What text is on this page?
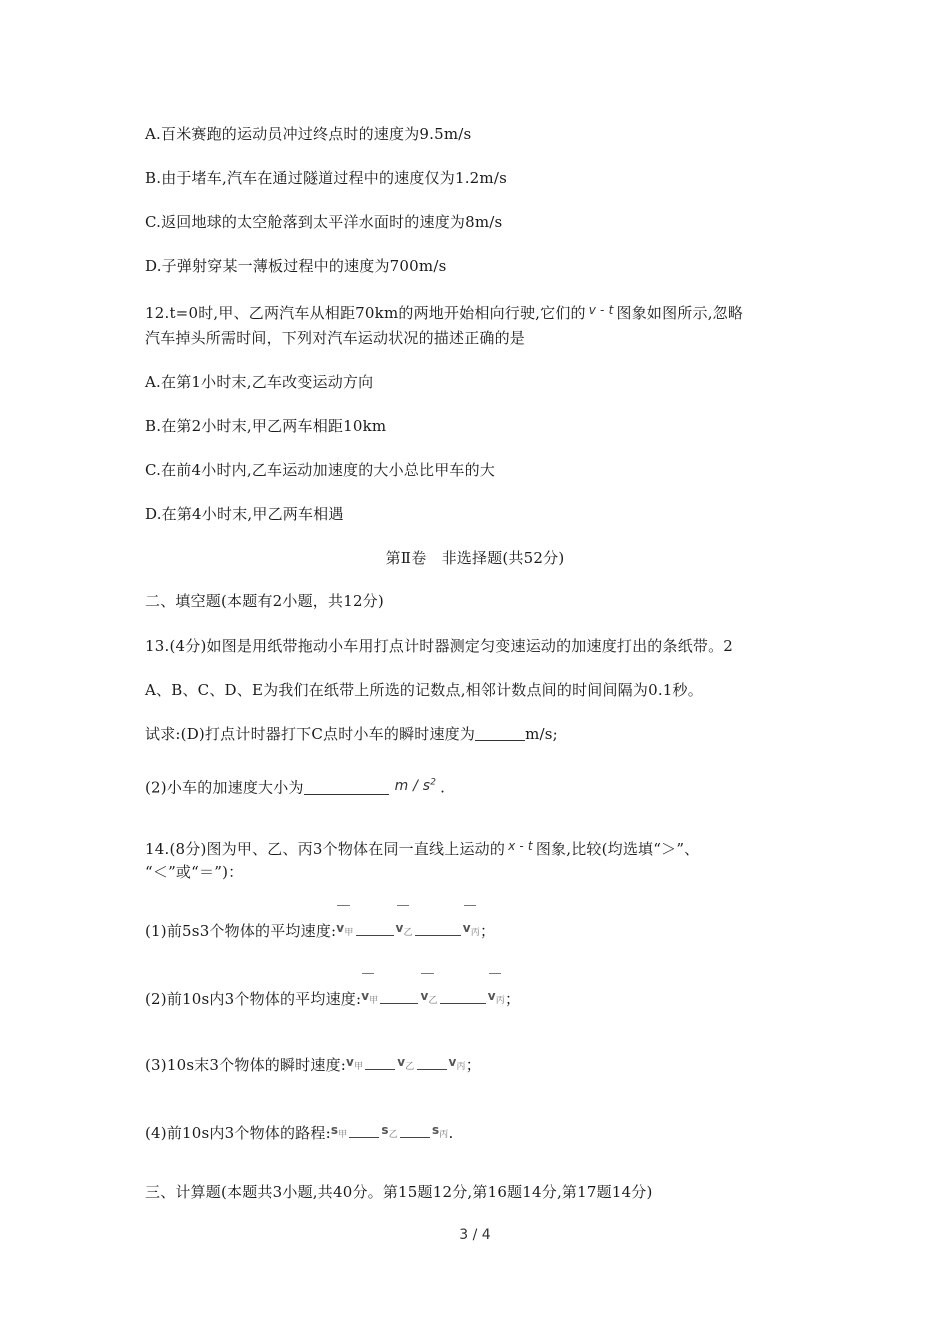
A.百米赛跑的运动员冲过终点时的速度为9.5m/s
B.由于堵车,汽车在通过隧道过程中的速度仅为1.2m/s
C.返回地球的太空舱落到太平洋水面时的速度为8m/s
D.子弹射穿某一薄板过程中的速度为700m/s
12.t=0时,甲、乙两汽车从相距70km的两地开始相向行驶,它们的 $^{v - t}$ 图象如图所示,忽略
汽车掉头所需时间，下列对汽车运动状况的描述正确的是
A.在第1小时末,乙车改变运动方向
B.在第2小时末,甲乙两车相距10km
C.在前4小时内,乙车运动加速度的大小总比甲车的大
D.在第4小时末,甲乙两车相遇
第Ⅱ卷　非选择题(共52分)
二、填空题(本题有2小题，共12分)
13.(4分)如图是用纸带拖动小车用打点计时器测定匀变速运动的加速度打出的条纸带。2
A、B、C、D、E为我们在纸带上所选的记数点,相邻计数点间的时间间隔为0.1秒。
试求:(D)打点计时器打下C点时小车的瞬时速度为	m/s;
(2)小车的加速度大小为	m / $s^2$ .
14.(8分)图为甲、乙、丙3个物体在同一直线上运动的 $^{x - t}$ 图象,比较(均选填“＞”、
“＜”或“＝”)：
(1)前5s3个物体的平均速度$:v_甲$	$v_乙$	$v_丙$；
(2)前10s内3个物体的平均速度$:v_甲$	$v_乙$	$v_丙$；
(3)10s末3个物体的瞬时速度$:v_甲$	$v_乙$	$v_丙$；
(4)前10s内3个物体的路程$:s_甲$	$s_乙$	$s_丙$.
三、计算题(本题共3小题,共40分。第15题12分,第16题14分,第17题14分)
3 / 4
